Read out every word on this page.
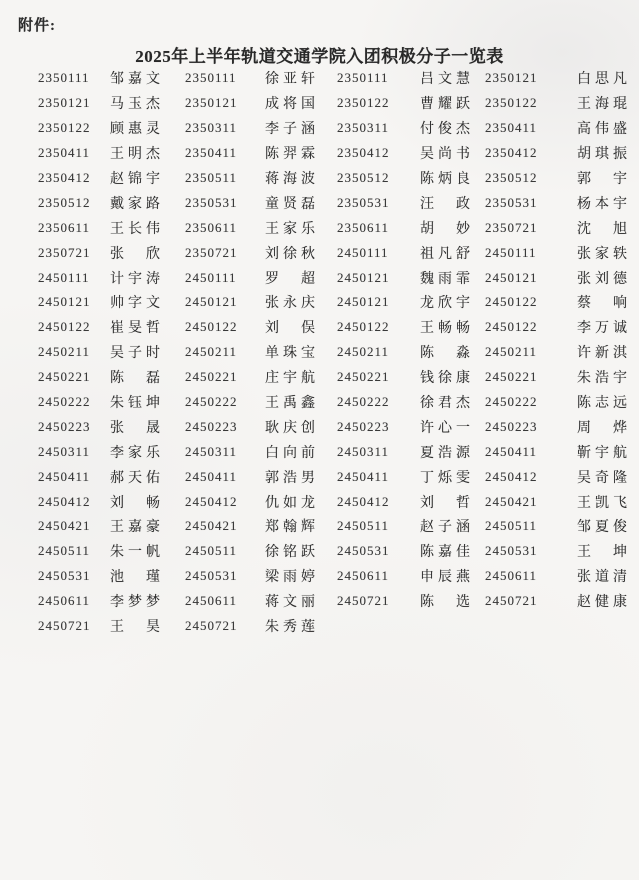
附件:
2025年上半年轨道交通学院入团积极分子一览表
2350111	邹嘉文	2350111	徐亚轩	2350111	吕文慧 2350121	白思凡
2350121	马玉杰	2350121	成将国	2350122	曹耀跃 2350122	王海琨
2350122	顾惠灵	2350311	李子涵	2350311	付俊杰 2350411	高伟盛
2350411	王明杰	2350411	陈羿霖	2350412	吴尚书 2350412	胡琪振
2350412	赵锦宇	2350511	蒋海波	2350512	陈炳良 2350512	郭　宇
2350512	戴家路	2350531	童贤磊	2350531	汪　政 2350531	杨本宇
2350611	王长伟	2350611	王家乐	2350611	胡　妙 2350721	沈　旭
2350721	张　欣	2350721	刘徐秋	2450111	祖凡舒 2450111	张家轶
2450111	计宇涛	2450111	罗　超	2450121	魏雨霏 2450121	张刘德
2450121	帅字文	2450121	张永庆	2450121	龙欣宇 2450122	蔡　响
2450122	崔旻哲	2450122	刘　俣	2450122	王畅畅 2450122	李万诚
2450211	吴子时	2450211	单珠宝	2450211	陈　淼 2450211	许新淇
2450221	陈　磊	2450221	庄宇航	2450221	钱徐康 2450221	朱浩宇
2450222	朱钰坤	2450222	王禹鑫	2450222	徐君杰 2450222	陈志远
2450223	张　晟	2450223	耿庆创	2450223	许心一 2450223	周　烨
2450311	李家乐	2450311	白向前	2450311	夏浩源 2450411	靳宇航
2450411	郝天佑	2450411	郭浩男	2450411	丁烁雯 2450412	吴奇隆
2450412	刘　畅	2450412	仇如龙	2450412	刘　哲 2450421	王凯飞
2450421	王嘉豪	2450421	郑翰辉	2450511	赵子涵 2450511	邹夏俊
2450511	朱一帆	2450511	徐铭跃	2450531	陈嘉佳 2450531	王　坤
2450531	池　瑾	2450531	梁雨婷	2450611	申辰燕 2450611	张道清
2450611	李梦梦	2450611	蒋文丽	2450721	陈　选 2450721	赵健康
2450721	王　昊	2450721	朱秀莲
